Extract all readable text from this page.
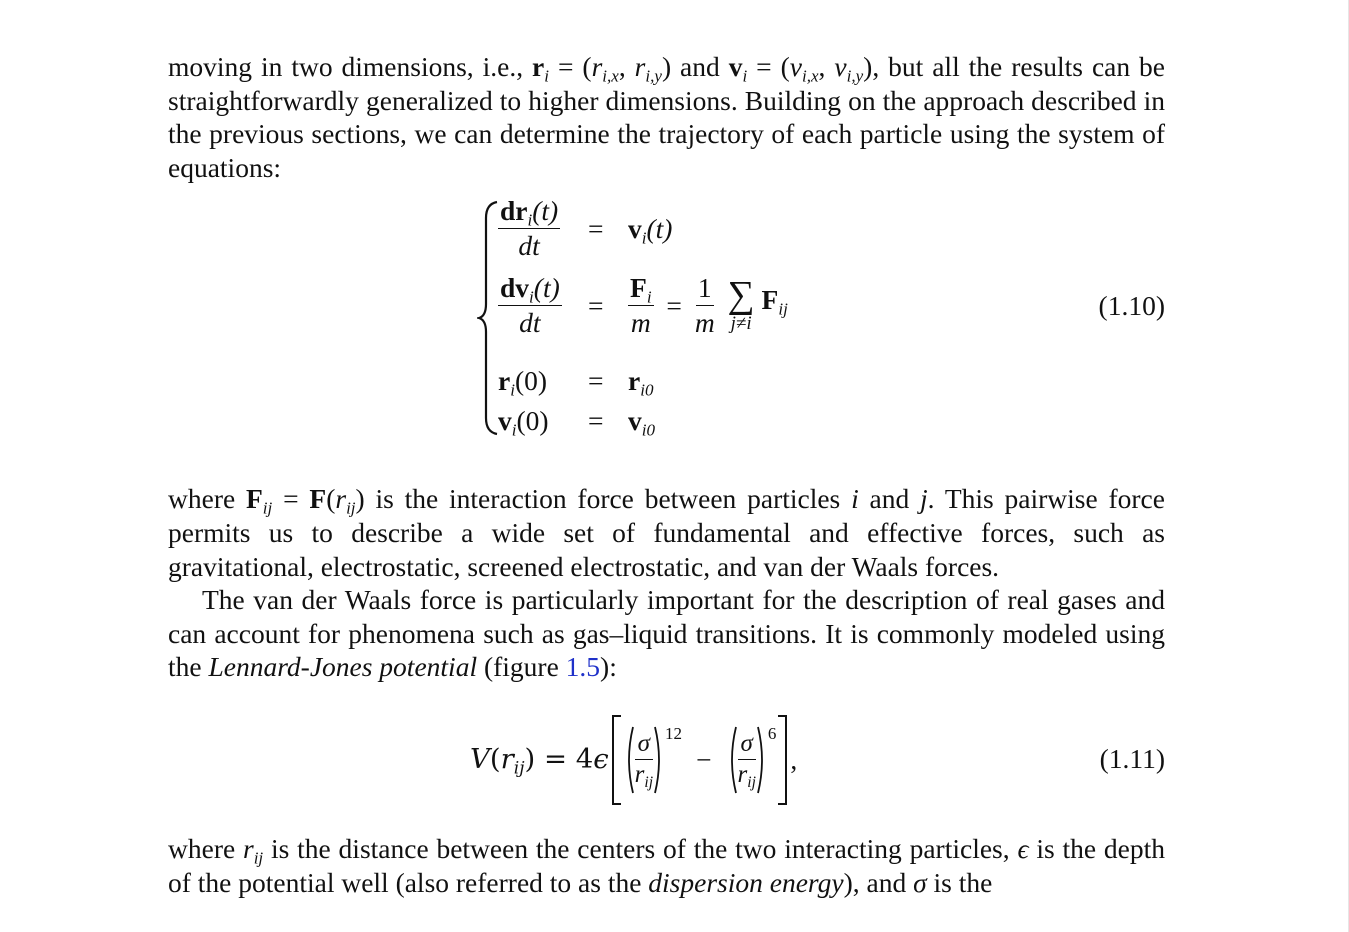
moving in two dimensions, i.e., $r_i = (r_{i,x}$, $r_{i,y}$) and $v_i = (v_{i,x}$, $v_{i,y}$), but all the results can be straightforwardly generalized to higher dimensions. Building on the approach described in the previous sections, we can determine the trajectory of each particle using the system of equations:

$\frac{dr_i(t)}{dt} = v_i(t)$
$\frac{dv_i(t)}{dt} = \frac{F_i}{m} = \frac{1}{m}$
∑
j≠i
$F_{ij}$	(1.10)
$r_i(0) = r_{i0}$
$v_i(0) = v_{i0}$

where $F_{ij} = F(r_{ij})$ is the interaction force between particles i and j. This pairwise force permits us to describe a wide set of fundamental and effective forces, such as gravitational, electrostatic, screened electrostatic, and van der Waals forces.

The van der Waals force is particularly important for the description of real gases and can account for phenomena such as gas–liquid transitions. It is commonly modeled using the Lennard-Jones potential (figure 1.5):

$V(r_{ij}) = 4\epsilon \frac{\sigma}{r_{ij}} 12$
−	$\frac{\sigma}{r_{ij}} 6$
,	(1.11)

where $r_{ij}$ is the distance between the centers of the two interacting particles, ϵ is the depth of the potential well (also referred to as the dispersion energy), and σ is the
